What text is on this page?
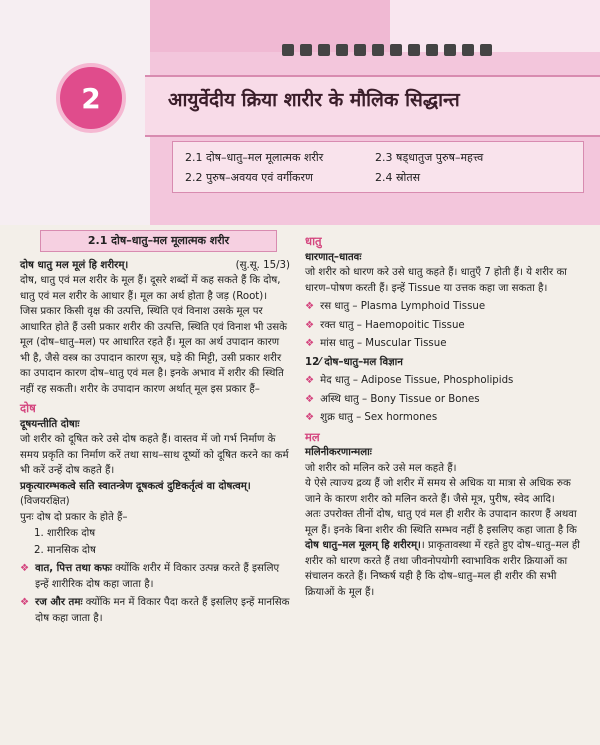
2	आयुर्वेदीय क्रिया शारीर के मौलिक सिद्धान्त
2.1 दोष–धातु–मल मूलात्मक शरीर
2.2 पुरुष–अवयव एवं वर्गीकरण
2.3 षड्धातुज पुरुष–महत्त्व
2.4 स्रोतस
2.1 दोष–धातु–मल मूलात्मक शरीर
दोष धातु मल मूलं हि शरीरम्।	(सु.सू. 15/3)

दोष, धातु एवं मल शरीर के मूल हैं। दूसरे शब्दों में कह सकते हैं कि दोष, धातु एवं मल शरीर के आधार हैं। मूल का अर्थ होता है जड़ (Root)।

जिस प्रकार किसी वृक्ष की उत्पत्ति, स्थिति एवं विनाश उसके मूल पर आधारित होते हैं उसी प्रकार शरीर की उत्पत्ति, स्थिति एवं विनाश भी उसके मूल (दोष–धातु–मल) पर आधारित रहते हैं। मूल का अर्थ उपादान कारण भी है, जैसे वस्त्र का उपादान कारण सूत्र, घड़े की मिट्टी, उसी प्रकार शरीर का उपादान कारण दोष–धातु एवं मल है। इनके अभाव में शरीर की स्थिति नहीं रह सकती। शरीर के उपादान कारण अर्थात् मूल इस प्रकार हैं–

दोष

दूषयन्तीति दोषाः

जो शरीर को दूषित करे उसे दोष कहते हैं। वास्तव में जो गर्भ निर्माण के समय प्रकृति का निर्माण करें तथा साथ–साथ दूष्यों को दूषित करने का कर्म भी करें उन्हें दोष कहते हैं।

प्रकृत्यारम्भकत्वे सति स्वातन्त्रेण दूषकत्वं दुष्टिकर्तृत्वं वा दोषत्वम्। (विजयरक्षित)

पुनः दोष दो प्रकार के होते हैं–

1. शारीरिक दोष
2. मानसिक दोष
❖ वात, पित्त तथा कफः क्योंकि शरीर में विकार उत्पन्न करते हैं इसलिए इन्हें शारीरिक दोष कहा जाता है।
❖ रज और तमः क्योंकि मन में विकार पैदा करते हैं इसलिए इन्हें मानसिक दोष कहा जाता है।
धातु

धारणात्–धातवः

जो शरीर को धारण करे उसे धातु कहते हैं। धातुएँ 7 होती हैं। ये शरीर का धारण–पोषण करती हैं। इन्हें Tissue या उत्तक कहा जा सकता है।

❖ रस धातु – Plasma Lymphoid Tissue
❖ रक्त धातु – Haemopoitic Tissue
❖ मांस धातु – Muscular Tissue

12⁄ दोष–धातु–मल विज्ञान

❖ मेद धातु – Adipose Tissue, Phospholipids
❖ अस्थि धातु – Bony Tissue or Bones
❖ शुक्र धातु – Sex hormones
मल

मलिनीकरणान्मलाः

जो शरीर को मलिन करे उसे मल कहते हैं।

ये ऐसे त्याज्य द्रव्य हैं जो शरीर में समय से अधिक या मात्रा से अधिक रुक जाने के कारण शरीर को मलिन करते हैं। जैसे मूत्र, पुरीष, स्वेद आदि।

अतः उपरोक्त तीनों दोष, धातु एवं मल ही शरीर के उपादान कारण हैं अथवा मूल हैं। इनके बिना शरीर की स्थिति सम्भव नहीं है इसलिए कहा जाता है कि दोष धातु–मल मूलम् हि शरीरम्।। प्राकृतावस्था में रहते हुए दोष–धातु–मल ही शरीर को धारण करते हैं तथा जीवनोपयोगी स्वाभाविक शरीर क्रियाओं का संचालन करते हैं। निष्कर्ष यही है कि दोष–धातु–मल ही शरीर की सभी क्रियाओं के मूल हैं।
